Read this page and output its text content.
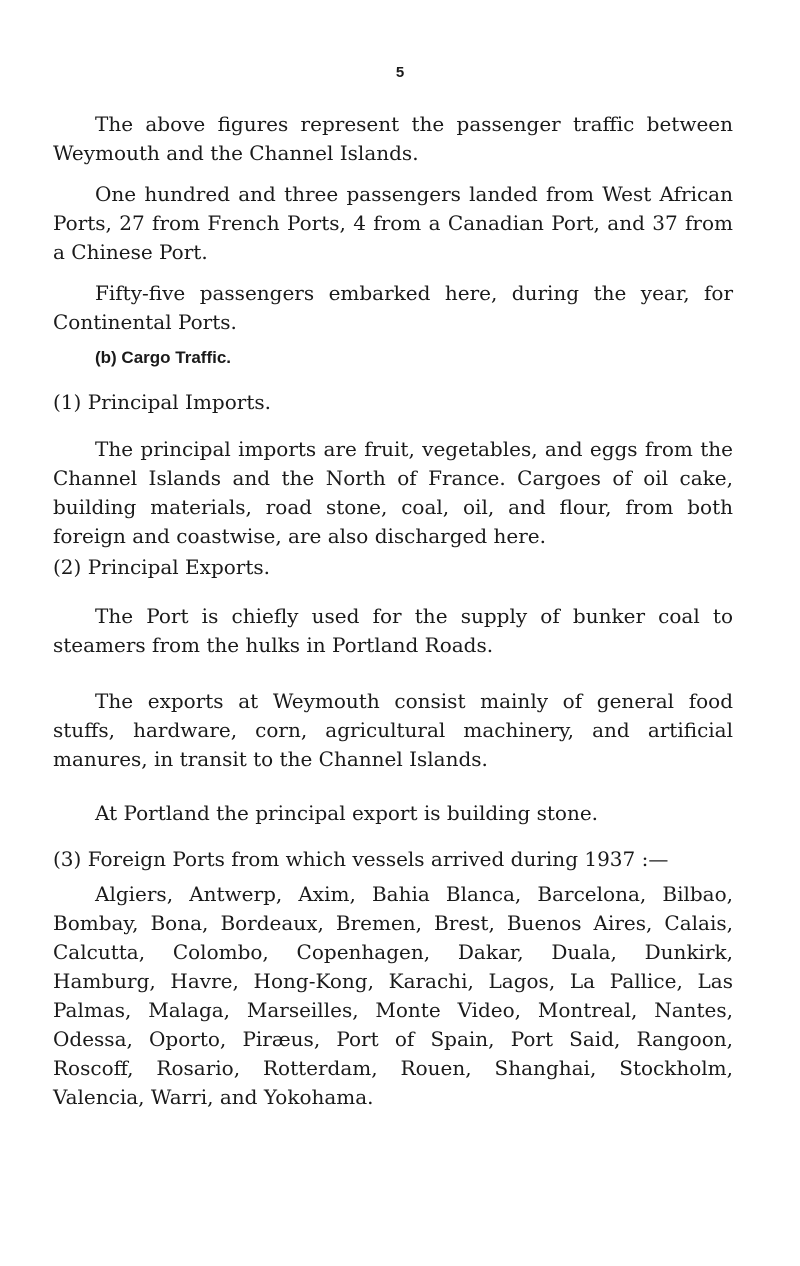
5

The above figures represent the passenger traffic between Weymouth and the Channel Islands.

One hundred and three passengers landed from West African Ports, 27 from French Ports, 4 from a Canadian Port, and 37 from a Chinese Port.

Fifty-five passengers embarked here, during the year, for Continental Ports.

(b) Cargo Traffic.
(1) Principal Imports.

The principal imports are fruit, vegetables, and eggs from the Channel Islands and the North of France. Cargoes of oil cake, building materials, road stone, coal, oil, and flour, from both foreign and coastwise, are also discharged here.

(2) Principal Exports.

The Port is chiefly used for the supply of bunker coal to steamers from the hulks in Portland Roads.

The exports at Weymouth consist mainly of general food stuffs, hardware, corn, agricultural machinery, and artificial manures, in transit to the Channel Islands.

At Portland the principal export is building stone.

(3) Foreign Ports from which vessels arrived during 1937 :—

Algiers, Antwerp, Axim, Bahia Blanca, Barcelona, Bilbao, Bombay, Bona, Bordeaux, Bremen, Brest, Buenos Aires, Calais, Calcutta, Colombo, Copenhagen, Dakar, Duala, Dunkirk, Hamburg, Havre, Hong-Kong, Karachi, Lagos, La Pallice, Las Palmas, Malaga, Marseilles, Monte Video, Montreal, Nantes, Odessa, Oporto, Piræus, Port of Spain, Port Said, Rangoon, Roscoff, Rosario, Rotterdam, Rouen, Shanghai, Stockholm, Valencia, Warri, and Yokohama.
